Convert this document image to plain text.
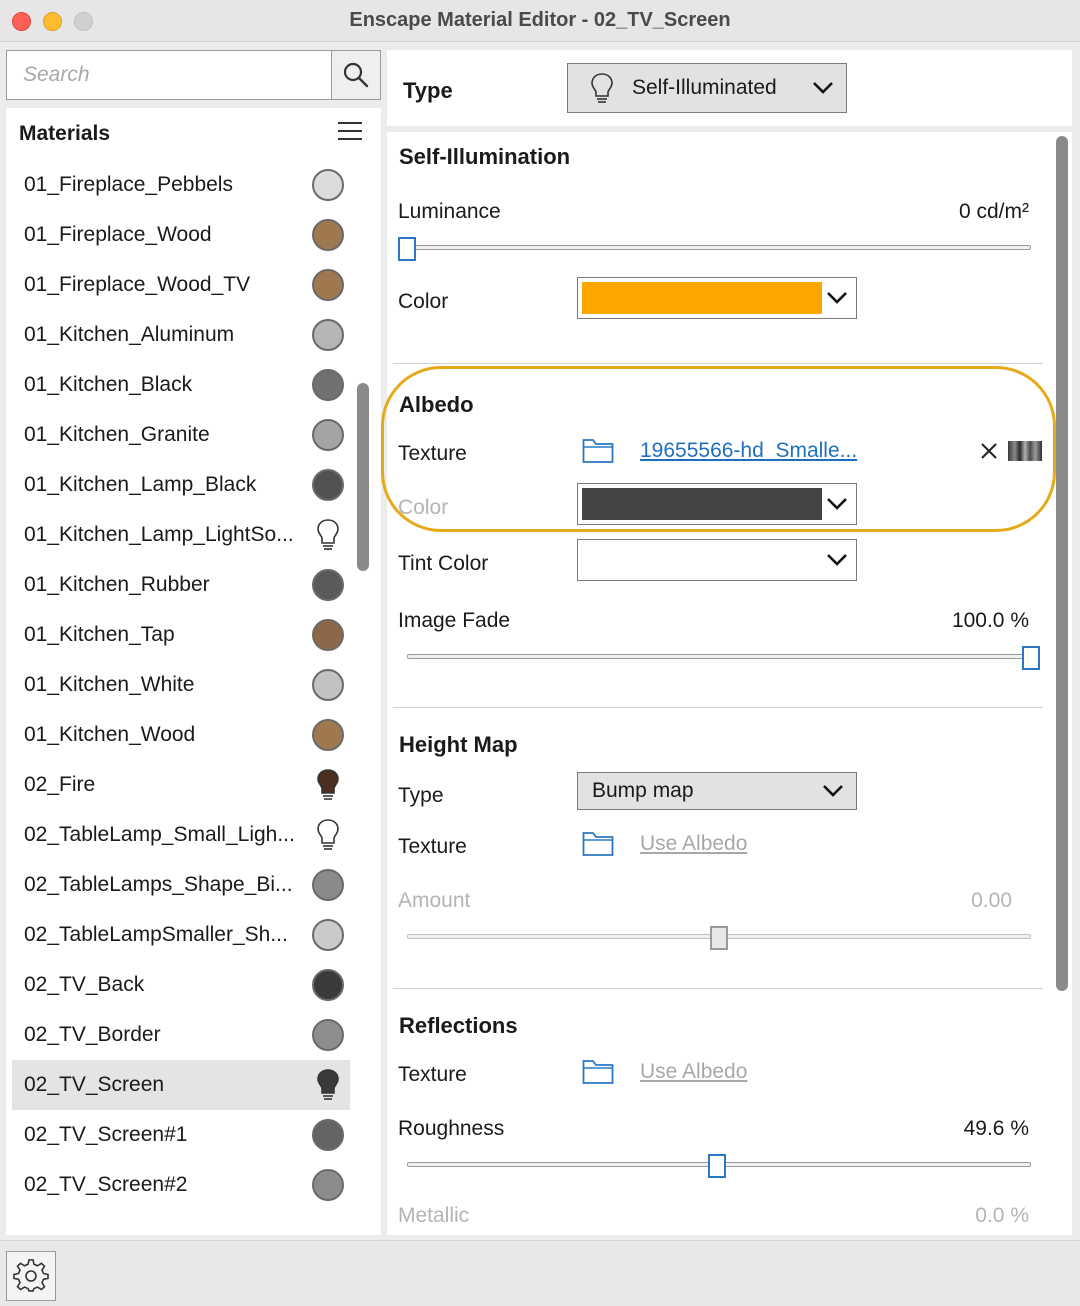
Enscape Material Editor - 02_TV_Screen
Search
Materials
01_Fireplace_Pebbels
01_Fireplace_Wood
01_Fireplace_Wood_TV
01_Kitchen_Aluminum
01_Kitchen_Black
01_Kitchen_Granite
01_Kitchen_Lamp_Black
01_Kitchen_Lamp_LightSo...
01_Kitchen_Rubber
01_Kitchen_Tap
01_Kitchen_White
01_Kitchen_Wood
02_Fire
02_TableLamp_Small_Ligh...
02_TableLamps_Shape_Bi...
02_TableLampSmaller_Sh...
02_TV_Back
02_TV_Border
02_TV_Screen
02_TV_Screen#1
02_TV_Screen#2
Type	Self-Illuminated
Self-Illumination
Luminance	0 cd/m²
Color
Albedo
Texture	19655566-hd_Smalle...
Color
Tint Color
Image Fade	100.0 %
Height Map
Type	Bump map
Texture	Use Albedo
Amount	0.00
Reflections
Texture	Use Albedo
Roughness	49.6 %
Metallic	0.0 %
